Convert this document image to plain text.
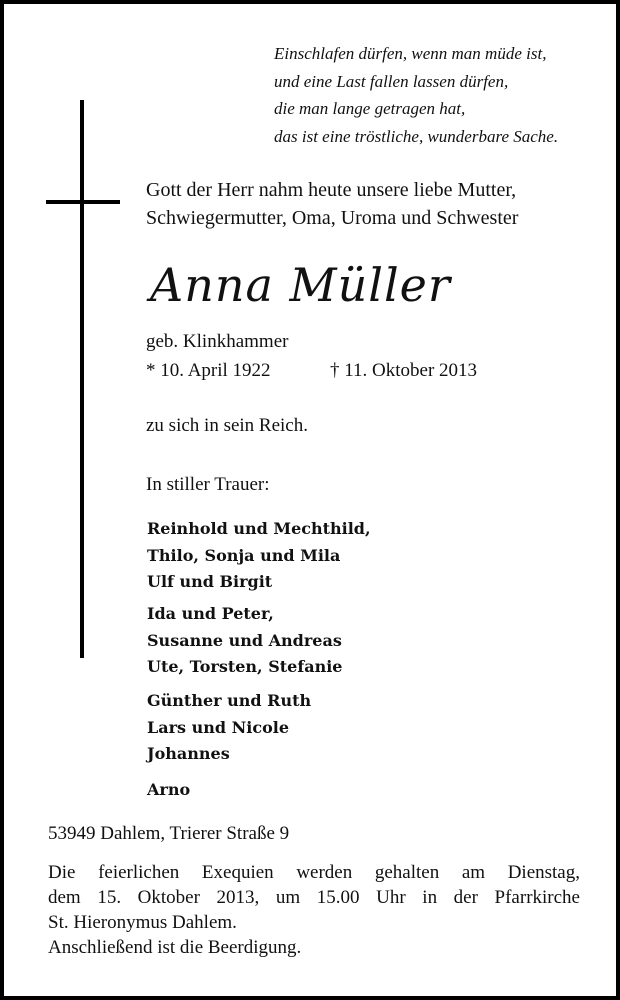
Einschlafen dürfen, wenn man müde ist,
und eine Last fallen lassen dürfen,
die man lange getragen hat,
das ist eine tröstliche, wunderbare Sache.
Gott der Herr nahm heute unsere liebe Mutter,
Schwiegermutter, Oma, Uroma und Schwester
Anna Müller
geb. Klinkhammer
* 10. April 1922	† 11. Oktober 2013
zu sich in sein Reich.
In stiller Trauer:
Reinhold und Mechthild,
Thilo, Sonja und Mila
Ulf und Birgit
Ida und Peter,
Susanne und Andreas
Ute, Torsten, Stefanie
Günther und Ruth
Lars und Nicole
Johannes
Arno
53949 Dahlem, Trierer Straße 9
Die feierlichen Exequien werden gehalten am Dienstag,
dem 15. Oktober 2013, um 15.00 Uhr in der Pfarrkirche
St. Hieronymus Dahlem.
Anschließend ist die Beerdigung.
